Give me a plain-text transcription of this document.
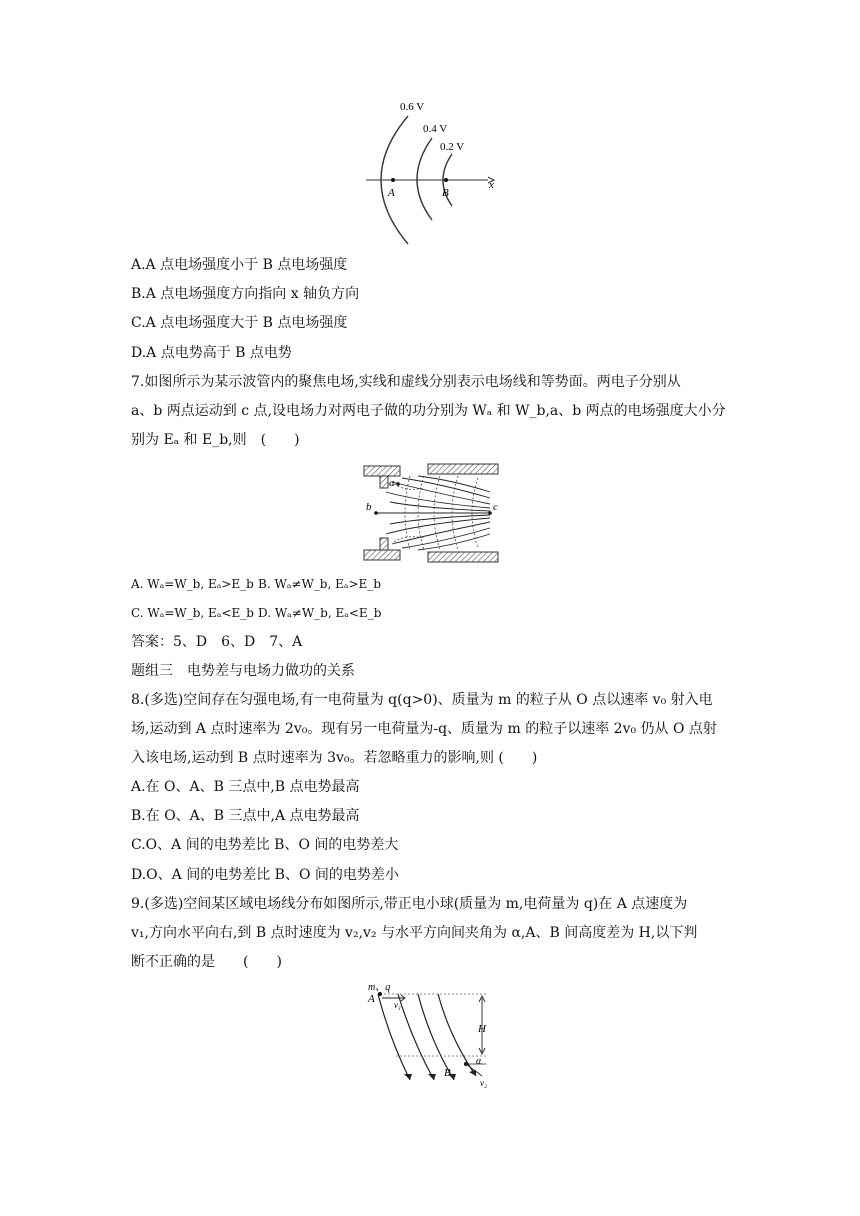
0.6 V
0.4 V
0.2 V
A	B
x
A.A 点电场强度小于 B 点电场强度
B.A 点电场强度方向指向 x 轴负方向
C.A 点电场强度大于 B 点电场强度
D.A 点电势高于 B 点电势
7.如图所示为某示波管内的聚焦电场,实线和虚线分别表示电场线和等势面。两电子分别从
a、b 两点运动到 c 点,设电场力对两电子做的功分别为 Wₐ 和 W_b,a、b 两点的电场强度大小分
别为 Eₐ 和 E_b,则　(　　)
a
b	c
A. Wₐ=W_b, Eₐ>E_b B. Wₐ≠W_b, Eₐ>E_b
C. Wₐ=W_b, Eₐ<E_b D. Wₐ≠W_b, Eₐ<E_b
答案：5、D　6、D　7、A
题组三　电势差与电场力做功的关系
8.(多选)空间存在匀强电场,有一电荷量为 q(q>0)、质量为 m 的粒子从 O 点以速率 v₀ 射入电
场,运动到 A 点时速率为 2v₀。现有另一电荷量为-q、质量为 m 的粒子以速率 2v₀ 仍从 O 点射
入该电场,运动到 B 点时速率为 3v₀。若忽略重力的影响,则 (　　)
A.在 O、A、B 三点中,B 点电势最高
B.在 O、A、B 三点中,A 点电势最高
C.O、A 间的电势差比 B、O 间的电势差大
D.O、A 间的电势差比 B、O 间的电势差小
9.(多选)空间某区域电场线分布如图所示,带正电小球(质量为 m,电荷量为 q)在 A 点速度为
v₁,方向水平向右,到 B 点时速度为 v₂,v₂ 与水平方向间夹角为 α,A、B 间高度差为 H,以下判
断不正确的是　　(　　)
m、q
A v₁
H
B
α
v₂
